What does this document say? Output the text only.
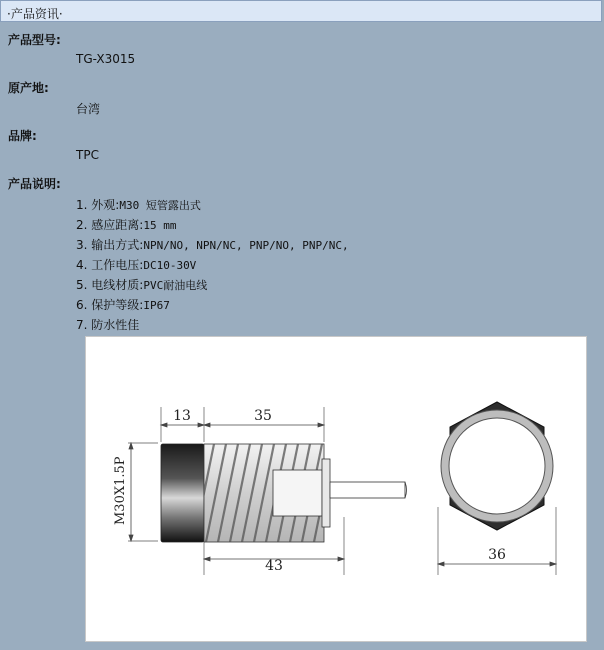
·产品资讯·
产品型号:
TG-X3015
原产地:
台湾
品牌:
TPC
产品说明:
1. 外观:M30 短管露出式
2. 感应距离:15 mm
3. 输出方式:NPN/NO, NPN/NC, PNP/NO, PNP/NC,
4. 工作电压:DC10-30V
5. 电线材质:PVC耐油电线
6. 保护等级:IP67
7. 防水性佳
13	35
43
M30X1.5P
36
